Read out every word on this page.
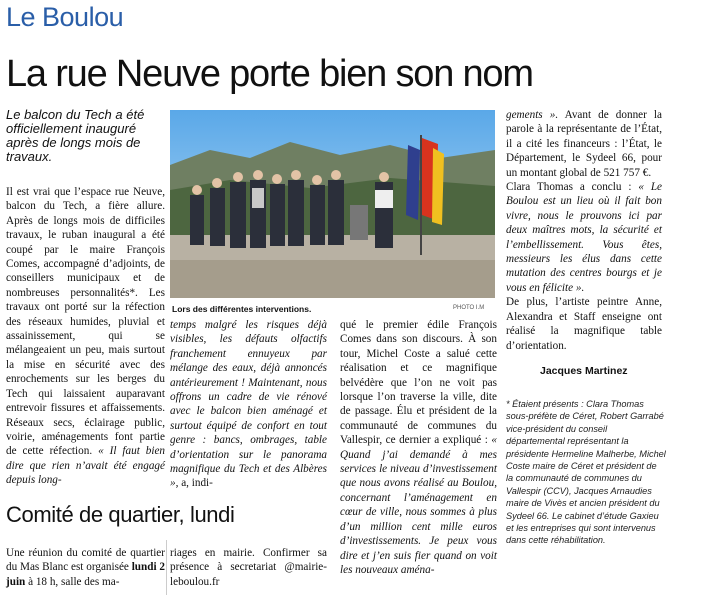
Le Boulou
La rue Neuve porte bien son nom
Le balcon du Tech a été officiellement inauguré après de longs mois de travaux.

Il est vrai que l’espace rue Neuve, balcon du Tech, a fière allure. Après de longs mois de difficiles travaux, le ruban inaugural a été coupé par le maire François Comes, accompagné d’adjoints, de conseillers municipaux et de nombreuses personnalités*. Les travaux ont porté sur la réfection des réseaux humides, pluvial et assainissement, qui se mélangeaient un peu, mais surtout la mise en sécurité avec des enrochements sur les berges du Tech qui laissaient auparavant entrevoir fissures et affaissements. Réseaux secs, éclairage public, voirie, aménagements font partie de cette réfection. « Il faut bien dire que rien n’avait été engagé depuis long-

Lors des différentes interventions.	PHOTO I.M

temps malgré les risques déjà visibles, les défauts olfactifs franchement ennuyeux par mélange des eaux, déjà annoncés antérieurement ! Maintenant, nous offrons un cadre de vie rénové avec le balcon bien aménagé et surtout équipé de confort en tout genre : bancs, ombrages, table d’orientation sur le panorama magnifique du Tech et des Albères », a, indi-

qué le premier édile François Comes dans son discours. À son tour, Michel Coste a salué cette réalisation et ce magnifique belvédère que l’on ne voit pas lorsque l’on traverse la ville, dite de passage. Élu et président de la communauté de communes du Vallespir, ce dernier a expliqué : « Quand j’ai demandé à mes services le niveau d’investissement que nous avons réalisé au Boulou, concernant l’aménagement en cœur de ville, nous sommes à plus d’un million cent mille euros d’investissements. Je peux vous dire et j’en suis fier quand on voit les nouveaux aména-

gements ». Avant de donner la parole à la représentante de l’État, il a cité les financeurs : l’État, le Département, le Sydeel 66, pour un montant global de 521 757 €.

Clara Thomas a conclu : « Le Boulou est un lieu où il fait bon vivre, nous le prouvons ici par deux maîtres mots, la sécurité et l’embellissement. Vous êtes, messieurs les élus dans cette mutation des centres bourgs et je vous en félicite ».

De plus, l’artiste peintre Anne, Alexandra et Staff enseigne ont réalisé la magnifique table d’orientation.

Jacques Martinez
* Étaient présents : Clara Thomas sous-préfète de Céret, Robert Garrabé vice-président du conseil départemental représentant la présidente Hermeline Malherbe, Michel Coste maire de Céret et président de la communauté de communes du Vallespir (CCV), Jacques Arnaudies maire de Vivès et ancien président du Sydeel 66. Le cabinet d’étude Gaxieu et les entreprises qui sont intervenus dans cette réhabilitation.
Comité de quartier, lundi

Une réunion du comité de quartier du Mas Blanc est organisée lundi 2 juin à 18 h, salle des ma-

riages en mairie. Confirmer sa présence à secretariat @mairie-leboulou.fr
